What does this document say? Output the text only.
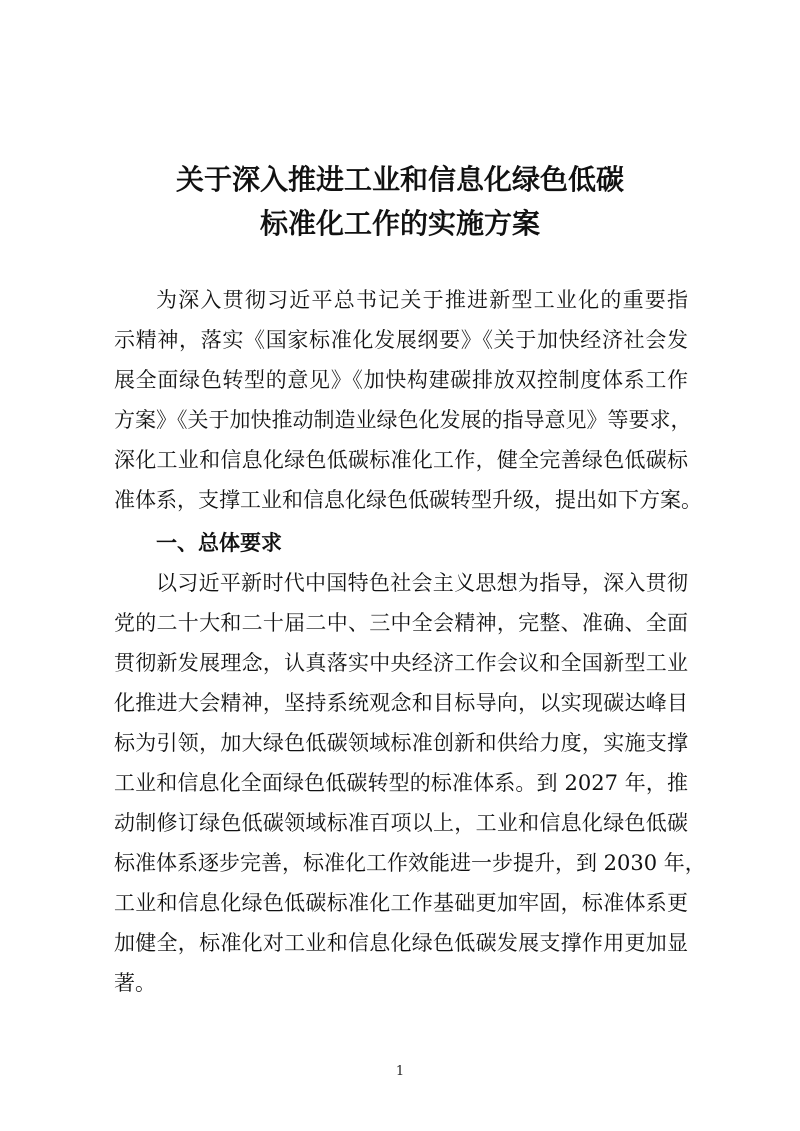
关于深入推进工业和信息化绿色低碳
标准化工作的实施方案
为深入贯彻习近平总书记关于推进新型工业化的重要指
示精神，落实《国家标准化发展纲要》《关于加快经济社会发
展全面绿色转型的意见》《加快构建碳排放双控制度体系工作
方案》《关于加快推动制造业绿色化发展的指导意见》等要求，
深化工业和信息化绿色低碳标准化工作，健全完善绿色低碳标
准体系，支撑工业和信息化绿色低碳转型升级，提出如下方案。
一、总体要求
以习近平新时代中国特色社会主义思想为指导，深入贯彻
党的二十大和二十届二中、三中全会精神，完整、准确、全面
贯彻新发展理念，认真落实中央经济工作会议和全国新型工业
化推进大会精神，坚持系统观念和目标导向，以实现碳达峰目
标为引领，加大绿色低碳领域标准创新和供给力度，实施支撑
工业和信息化全面绿色低碳转型的标准体系。到 2027 年，推
动制修订绿色低碳领域标准百项以上，工业和信息化绿色低碳
标准体系逐步完善，标准化工作效能进一步提升，到 2030 年，
工业和信息化绿色低碳标准化工作基础更加牢固，标准体系更
加健全，标准化对工业和信息化绿色低碳发展支撑作用更加显
著。
1
